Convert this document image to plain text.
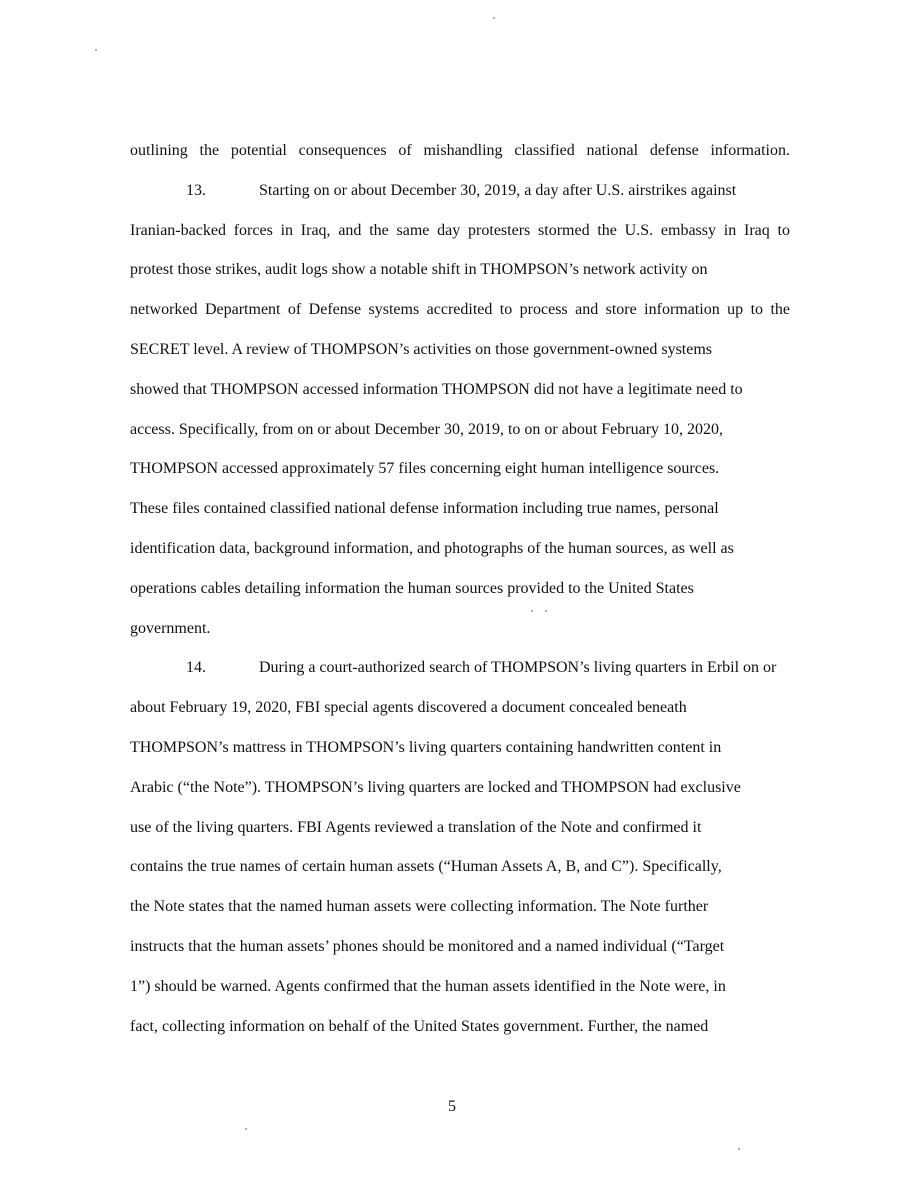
outlining the potential consequences of mishandling classified national defense information.
13.	Starting on or about December 30, 2019, a day after U.S. airstrikes against
Iranian-backed forces in Iraq, and the same day protesters stormed the U.S. embassy in Iraq to
protest those strikes, audit logs show a notable shift in THOMPSON’s network activity on
networked Department of Defense systems accredited to process and store information up to the
SECRET level. A review of THOMPSON’s activities on those government-owned systems
showed that THOMPSON accessed information THOMPSON did not have a legitimate need to
access. Specifically, from on or about December 30, 2019, to on or about February 10, 2020,
THOMPSON accessed approximately 57 files concerning eight human intelligence sources.
These files contained classified national defense information including true names, personal
identification data, background information, and photographs of the human sources, as well as
operations cables detailing information the human sources provided to the United States
government.
14.	During a court-authorized search of THOMPSON’s living quarters in Erbil on or
about February 19, 2020, FBI special agents discovered a document concealed beneath
THOMPSON’s mattress in THOMPSON’s living quarters containing handwritten content in
Arabic (“the Note”). THOMPSON’s living quarters are locked and THOMPSON had exclusive
use of the living quarters. FBI Agents reviewed a translation of the Note and confirmed it
contains the true names of certain human assets (“Human Assets A, B, and C”). Specifically,
the Note states that the named human assets were collecting information. The Note further
instructs that the human assets’ phones should be monitored and a named individual (“Target
1”) should be warned. Agents confirmed that the human assets identified in the Note were, in
fact, collecting information on behalf of the United States government. Further, the named
5
